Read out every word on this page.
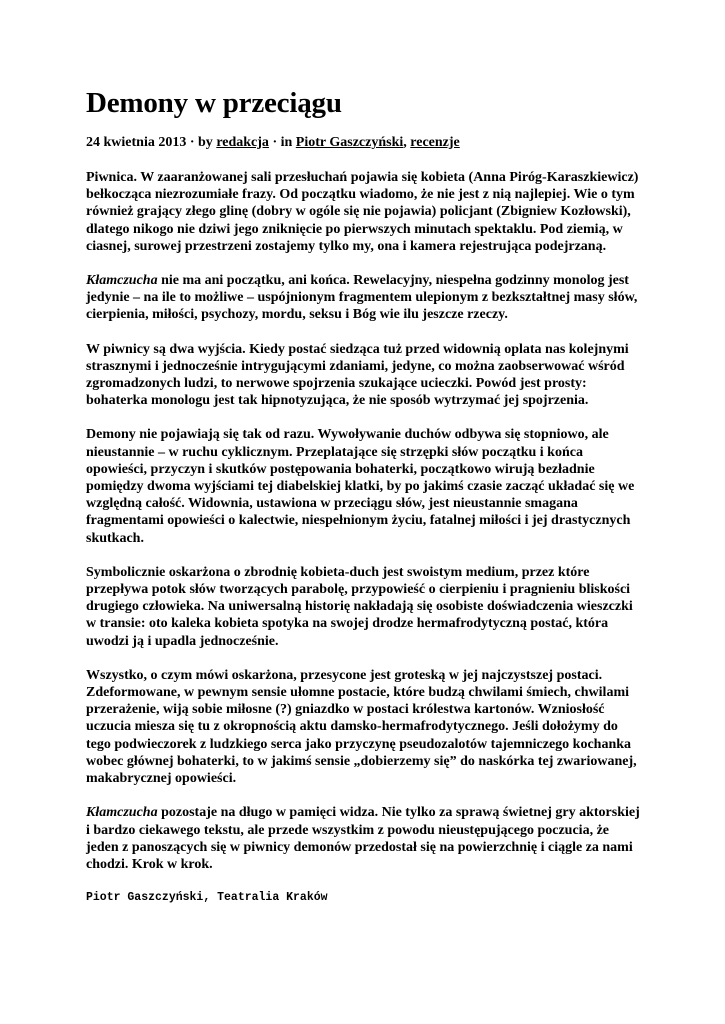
Demony w przeciągu
24 kwietnia 2013 · by redakcja · in Piotr Gaszczyński, recenzje

Piwnica. W zaaranżowanej sali przesłuchań pojawia się kobieta (Anna Piróg-Karaszkiewicz) bełkocząca niezrozumiałe frazy. Od początku wiadomo, że nie jest z nią najlepiej. Wie o tym również grający złego glinę (dobry w ogóle się nie pojawia) policjant (Zbigniew Kozłowski), dlatego nikogo nie dziwi jego zniknięcie po pierwszych minutach spektaklu. Pod ziemią, w ciasnej, surowej przestrzeni zostajemy tylko my, ona i kamera rejestrująca podejrzaną.

Kłamczucha nie ma ani początku, ani końca. Rewelacyjny, niespełna godzinny monolog jest jedynie – na ile to możliwe – uspójnionym fragmentem ulepionym z bezkształtnej masy słów, cierpienia, miłości, psychozy, mordu, seksu i Bóg wie ilu jeszcze rzeczy.

W piwnicy są dwa wyjścia. Kiedy postać siedząca tuż przed widownią oplata nas kolejnymi strasznymi i jednocześnie intrygującymi zdaniami, jedyne, co można zaobserwować wśród zgromadzonych ludzi, to nerwowe spojrzenia szukające ucieczki. Powód jest prosty: bohaterka monologu jest tak hipnotyzująca, że nie sposób wytrzymać jej spojrzenia.

Demony nie pojawiają się tak od razu. Wywoływanie duchów odbywa się stopniowo, ale nieustannie – w ruchu cyklicznym. Przeplatające się strzępki słów początku i końca opowieści, przyczyn i skutków postępowania bohaterki, początkowo wirują bezładnie pomiędzy dwoma wyjściami tej diabelskiej klatki, by po jakimś czasie zacząć układać się we względną całość. Widownia, ustawiona w przeciągu słów, jest nieustannie smagana fragmentami opowieści o kalectwie, niespełnionym życiu, fatalnej miłości i jej drastycznych skutkach.

Symbolicznie oskarżona o zbrodnię kobieta-duch jest swoistym medium, przez które przepływa potok słów tworzących parabolę, przypowieść o cierpieniu i pragnieniu bliskości drugiego człowieka. Na uniwersalną historię nakładają się osobiste doświadczenia wieszczki w transie: oto kaleka kobieta spotyka na swojej drodze hermafrodytyczną postać, która uwodzi ją i upadla jednocześnie.

Wszystko, o czym mówi oskarżona, przesycone jest groteską w jej najczystszej postaci. Zdeformowane, w pewnym sensie ułomne postacie, które budzą chwilami śmiech, chwilami przerażenie, wiją sobie miłosne (?) gniazdko w postaci królestwa kartonów. Wzniosłość uczucia miesza się tu z okropnością aktu damsko-hermafrodytycznego. Jeśli dołożymy do tego podwieczorek z ludzkiego serca jako przyczynę pseudozalotów tajemniczego kochanka wobec głównej bohaterki, to w jakimś sensie „dobierzemy się” do naskórka tej zwariowanej, makabrycznej opowieści.

Kłamczucha pozostaje na długo w pamięci widza. Nie tylko za sprawą świetnej gry aktorskiej i bardzo ciekawego tekstu, ale przede wszystkim z powodu nieustępującego poczucia, że jeden z panoszących się w piwnicy demonów przedostał się na powierzchnię i ciągle za nami chodzi. Krok w krok.

Piotr Gaszczyński, Teatralia Kraków
